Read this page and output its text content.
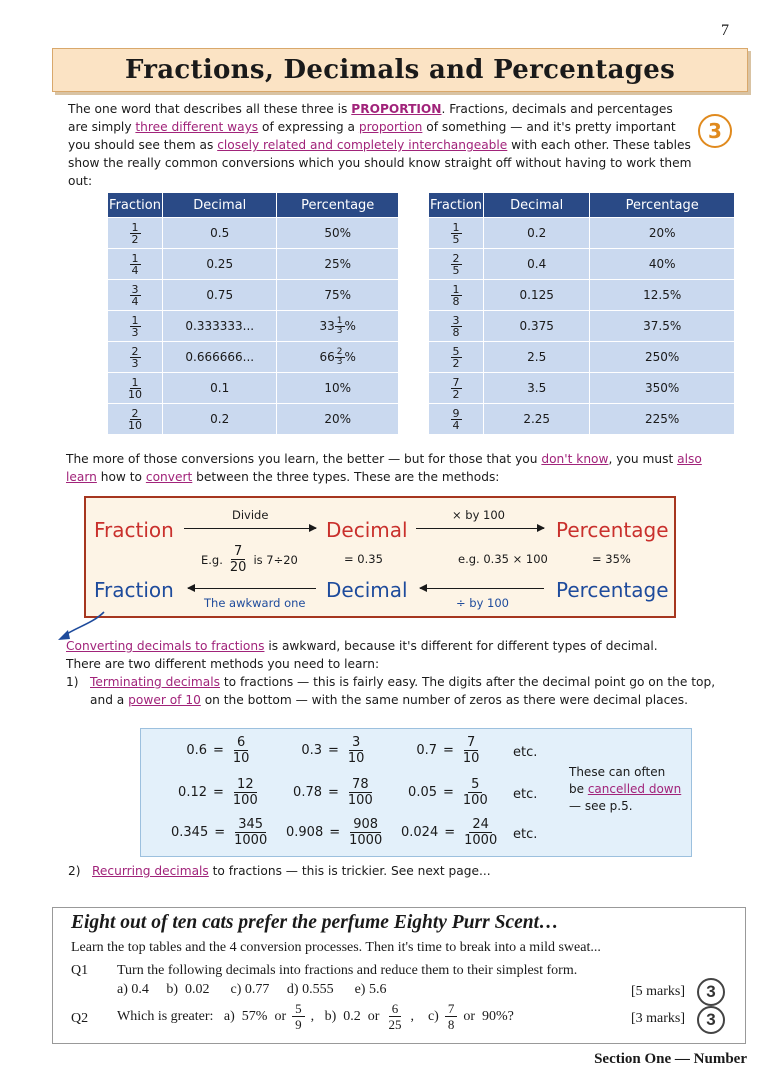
7
Fractions, Decimals and Percentages
The one word that describes all these three is PROPORTION. Fractions, decimals and percentages are simply three different ways of expressing a proportion of something — and it's pretty important you should see them as closely related and completely interchangeable with each other. These tables show the really common conversions which you should know straight off without having to work them out:
3
Fraction	Decimal	Percentage

$\frac{1}{2}$	0.5	50%

$\frac{1}{4}$	0.25	25%

$\frac{3}{4}$	0.75	75%

$\frac{1}{3}$	0.333333...	$33 \frac{1}{3}$ %

$\frac{2}{3}$	0.666666...	$66 \frac{2}{3}$ %

$\frac{1}{10}$	0.1	10%

$\frac{2}{10}$	0.2	20%
Fraction	Decimal	Percentage

$\frac{1}{5}$	0.2	20%

$\frac{2}{5}$	0.4	40%

$\frac{1}{8}$	0.125	12.5%

$\frac{3}{8}$	0.375	37.5%

$\frac{5}{2}$	2.5	250%

$\frac{7}{2}$	3.5	350%

$\frac{9}{4}$	2.25	225%
The more of those conversions you learn, the better — but for those that you don't know, you must also learn how to convert between the three types. These are the methods:
Fraction
Divide
Decimal
× by 100
Percentage
E.g. $\frac{7}{20}$ is 7÷20	= 0.35	e.g. 0.35 × 100	= 35%
Fraction
The awkward one
Decimal
÷ by 100
Percentage
Converting decimals to fractions is awkward, because it's different for different types of decimal.
There are two different methods you need to learn:
1) Terminating decimals to fractions — this is fairly easy. The digits after the decimal point go on the top, and a power of 10 on the bottom — with the same number of zeros as there were decimal places.
$0.6 = \frac{6}{10}$	$0.3 = \frac{3}{10}$	$0.7 = \frac{7}{10}$ etc.
$0.12 = \frac{12}{100}$	$0.78 = \frac{78}{100}$	$0.05 = \frac{5}{100}$ etc.
$0.345 = \frac{345}{1000} 0.908 = \frac{908}{1000} 0.024 = \frac{24}{1000}$ etc.
These can often
be cancelled down
— see p.5.
2) Recurring decimals to fractions — this is trickier. See next page...
Eight out of ten cats prefer the perfume Eighty Purr Scent…
Learn the top tables and the 4 conversion processes. Then it's time to break into a mild sweat...
Q1 Turn the following decimals into fractions and reduce them to their simplest form.
a) 0.4     b)  0.02      c) 0.77     d) 0.555      e) 5.6	[5 marks] 3
Q2 Which is greater:   a)  57%  or $\frac{5}{9}$ ,   b)  0.2  or $\frac{6}{25}$ ,    $c) \frac{7}{8}$ or  90%?	[3 marks] 3
Section One — Number
